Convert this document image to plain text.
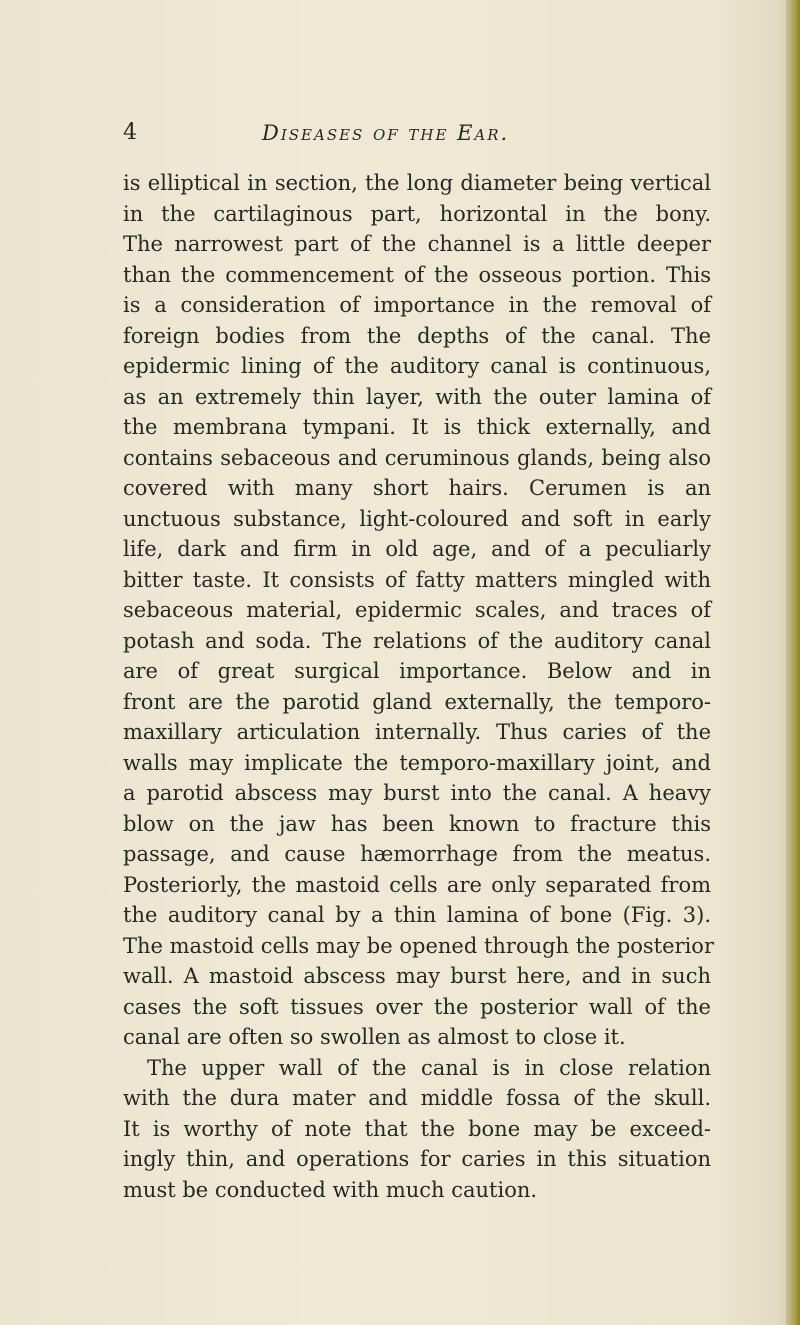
4	Diseases of the Ear.
is elliptical in section, the long diameter being vertical
in the cartilaginous part, horizontal in the bony.
The narrowest part of the channel is a little deeper
than the commencement of the osseous portion. This
is a consideration of importance in the removal of
foreign bodies from the depths of the canal. The
epidermic lining of the auditory canal is continuous,
as an extremely thin layer, with the outer lamina of
the membrana tympani. It is thick externally, and
contains sebaceous and ceruminous glands, being also
covered with many short hairs. Cerumen is an
unctuous substance, light-coloured and soft in early
life, dark and firm in old age, and of a peculiarly
bitter taste. It consists of fatty matters mingled with
sebaceous material, epidermic scales, and traces of
potash and soda. The relations of the auditory canal
are of great surgical importance. Below and in
front are the parotid gland externally, the temporo-
maxillary articulation internally. Thus caries of the
walls may implicate the temporo-maxillary joint, and
a parotid abscess may burst into the canal. A heavy
blow on the jaw has been known to fracture this
passage, and cause hæmorrhage from the meatus.
Posteriorly, the mastoid cells are only separated from
the auditory canal by a thin lamina of bone (Fig. 3).
The mastoid cells may be opened through the posterior
wall. A mastoid abscess may burst here, and in such
cases the soft tissues over the posterior wall of the
canal are often so swollen as almost to close it.
The upper wall of the canal is in close relation
with the dura mater and middle fossa of the skull.
It is worthy of note that the bone may be exceed-
ingly thin, and operations for caries in this situation
must be conducted with much caution.
